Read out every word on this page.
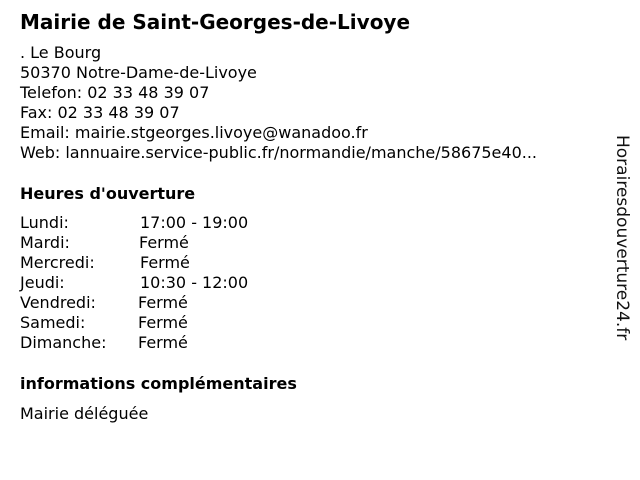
Mairie de Saint-Georges-de-Livoye
. Le Bourg
50370 Notre-Dame-de-Livoye
Telefon: 02 33 48 39 07
Fax: 02 33 48 39 07
Email: mairie.stgeorges.livoye@wanadoo.fr
Web: lannuaire.service-public.fr/normandie/manche/58675e40...
Heures d'ouverture
Lundi:	17:00 - 19:00
Mardi:	Fermé
Mercredi:	Fermé
Jeudi:	10:30 - 12:00
Vendredi:	Fermé
Samedi:	Fermé
Dimanche: Fermé
informations complémentaires
Mairie déléguée
Horairesdouverture24.fr
